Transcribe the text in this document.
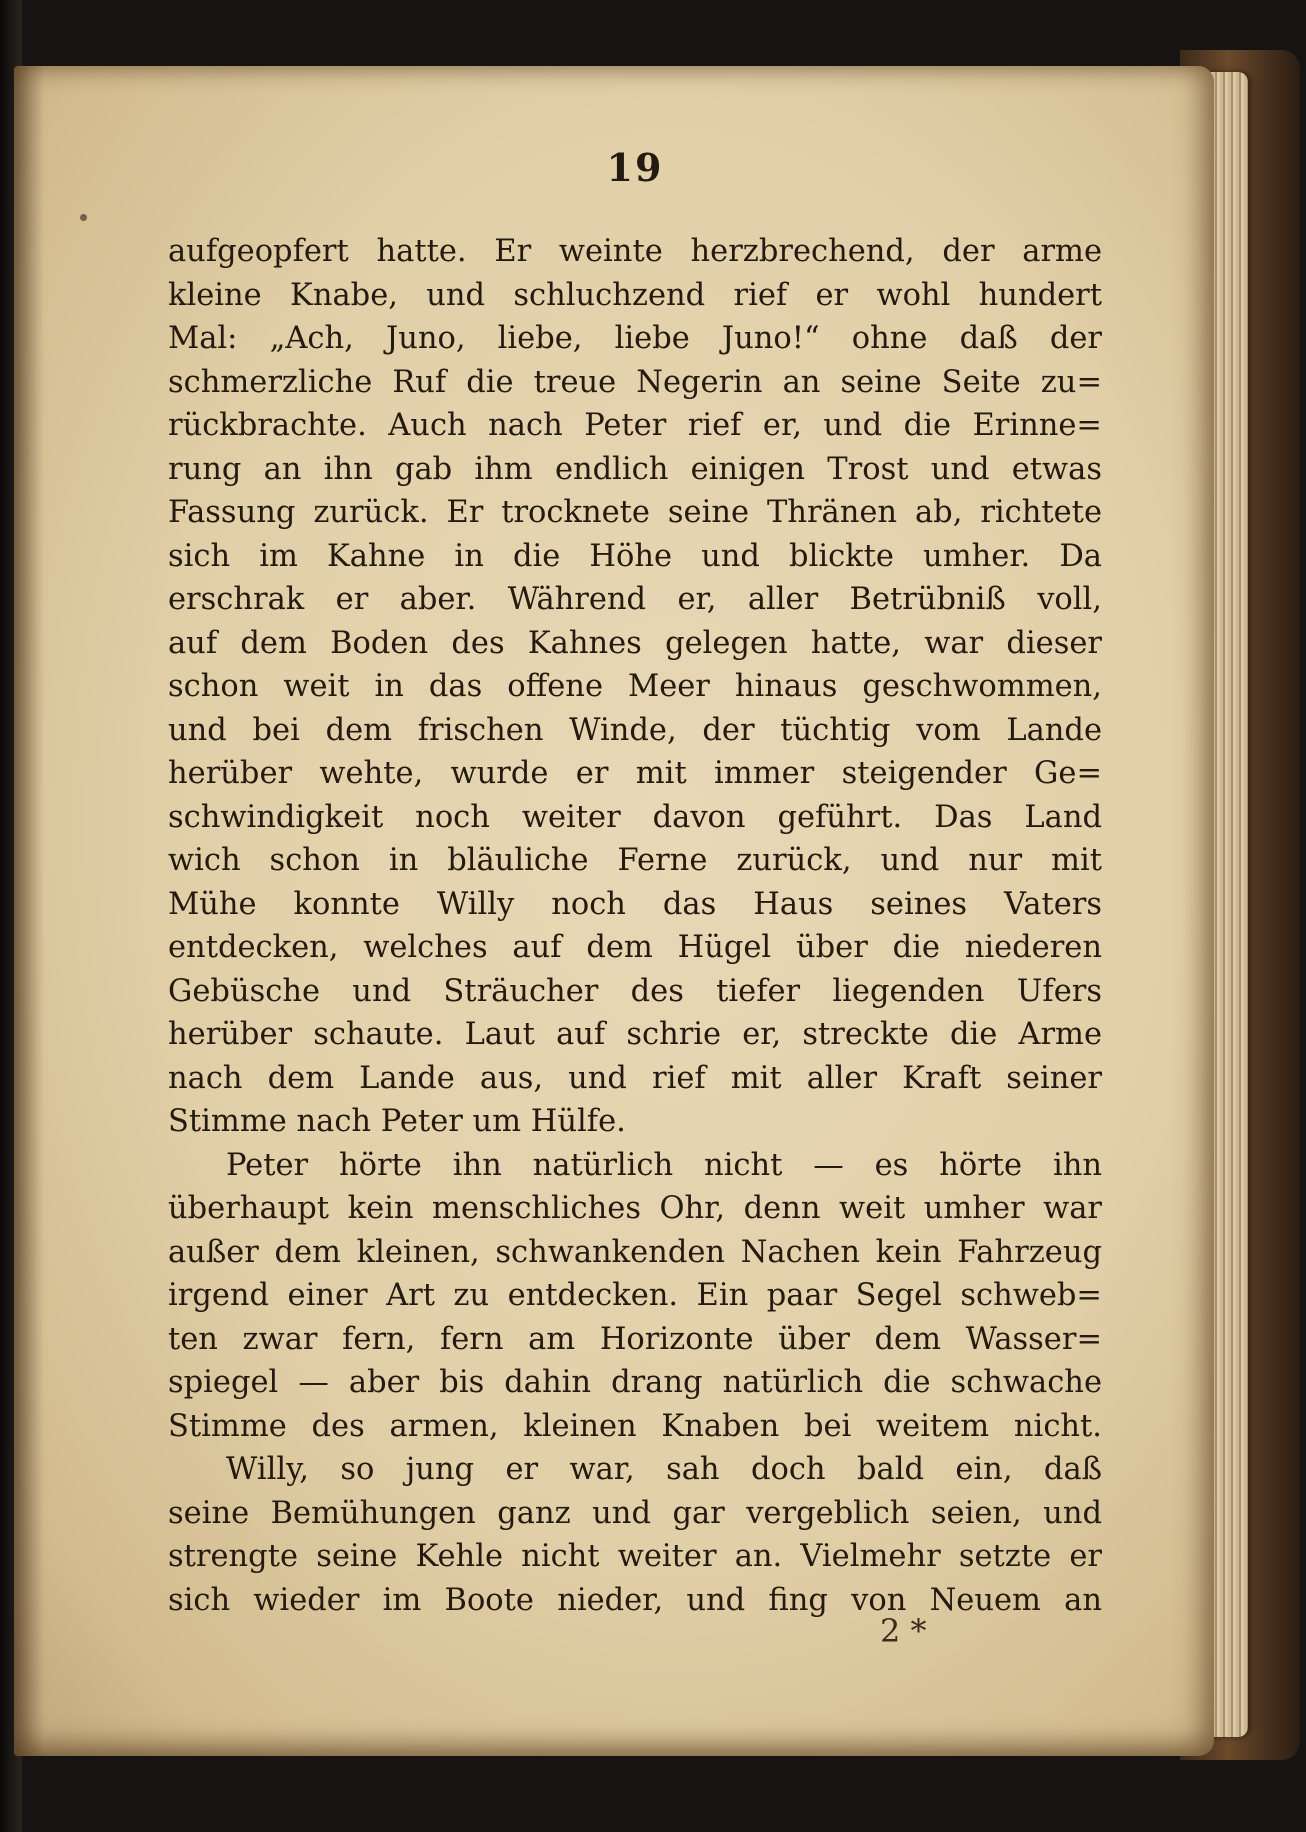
19
aufgeopfert hatte. Er weinte herzbrechend, der arme
kleine Knabe, und schluchzend rief er wohl hundert
Mal: „Ach, Juno, liebe, liebe Juno!“ ohne daß der
schmerzliche Ruf die treue Negerin an seine Seite zu=
rückbrachte. Auch nach Peter rief er, und die Erinne=
rung an ihn gab ihm endlich einigen Trost und etwas
Fassung zurück. Er trocknete seine Thränen ab, richtete
sich im Kahne in die Höhe und blickte umher. Da
erschrak er aber. Während er, aller Betrübniß voll,
auf dem Boden des Kahnes gelegen hatte, war dieser
schon weit in das offene Meer hinaus geschwommen,
und bei dem frischen Winde, der tüchtig vom Lande
herüber wehte, wurde er mit immer steigender Ge=
schwindigkeit noch weiter davon geführt. Das Land
wich schon in bläuliche Ferne zurück, und nur mit
Mühe konnte Willy noch das Haus seines Vaters
entdecken, welches auf dem Hügel über die niederen
Gebüsche und Sträucher des tiefer liegenden Ufers
herüber schaute. Laut auf schrie er, streckte die Arme
nach dem Lande aus, und rief mit aller Kraft seiner
Stimme nach Peter um Hülfe.
Peter hörte ihn natürlich nicht — es hörte ihn
überhaupt kein menschliches Ohr, denn weit umher war
außer dem kleinen, schwankenden Nachen kein Fahrzeug
irgend einer Art zu entdecken. Ein paar Segel schweb=
ten zwar fern, fern am Horizonte über dem Wasser=
spiegel — aber bis dahin drang natürlich die schwache
Stimme des armen, kleinen Knaben bei weitem nicht.
Willy, so jung er war, sah doch bald ein, daß
seine Bemühungen ganz und gar vergeblich seien, und
strengte seine Kehle nicht weiter an. Vielmehr setzte er
sich wieder im Boote nieder, und fing von Neuem an
2 *
